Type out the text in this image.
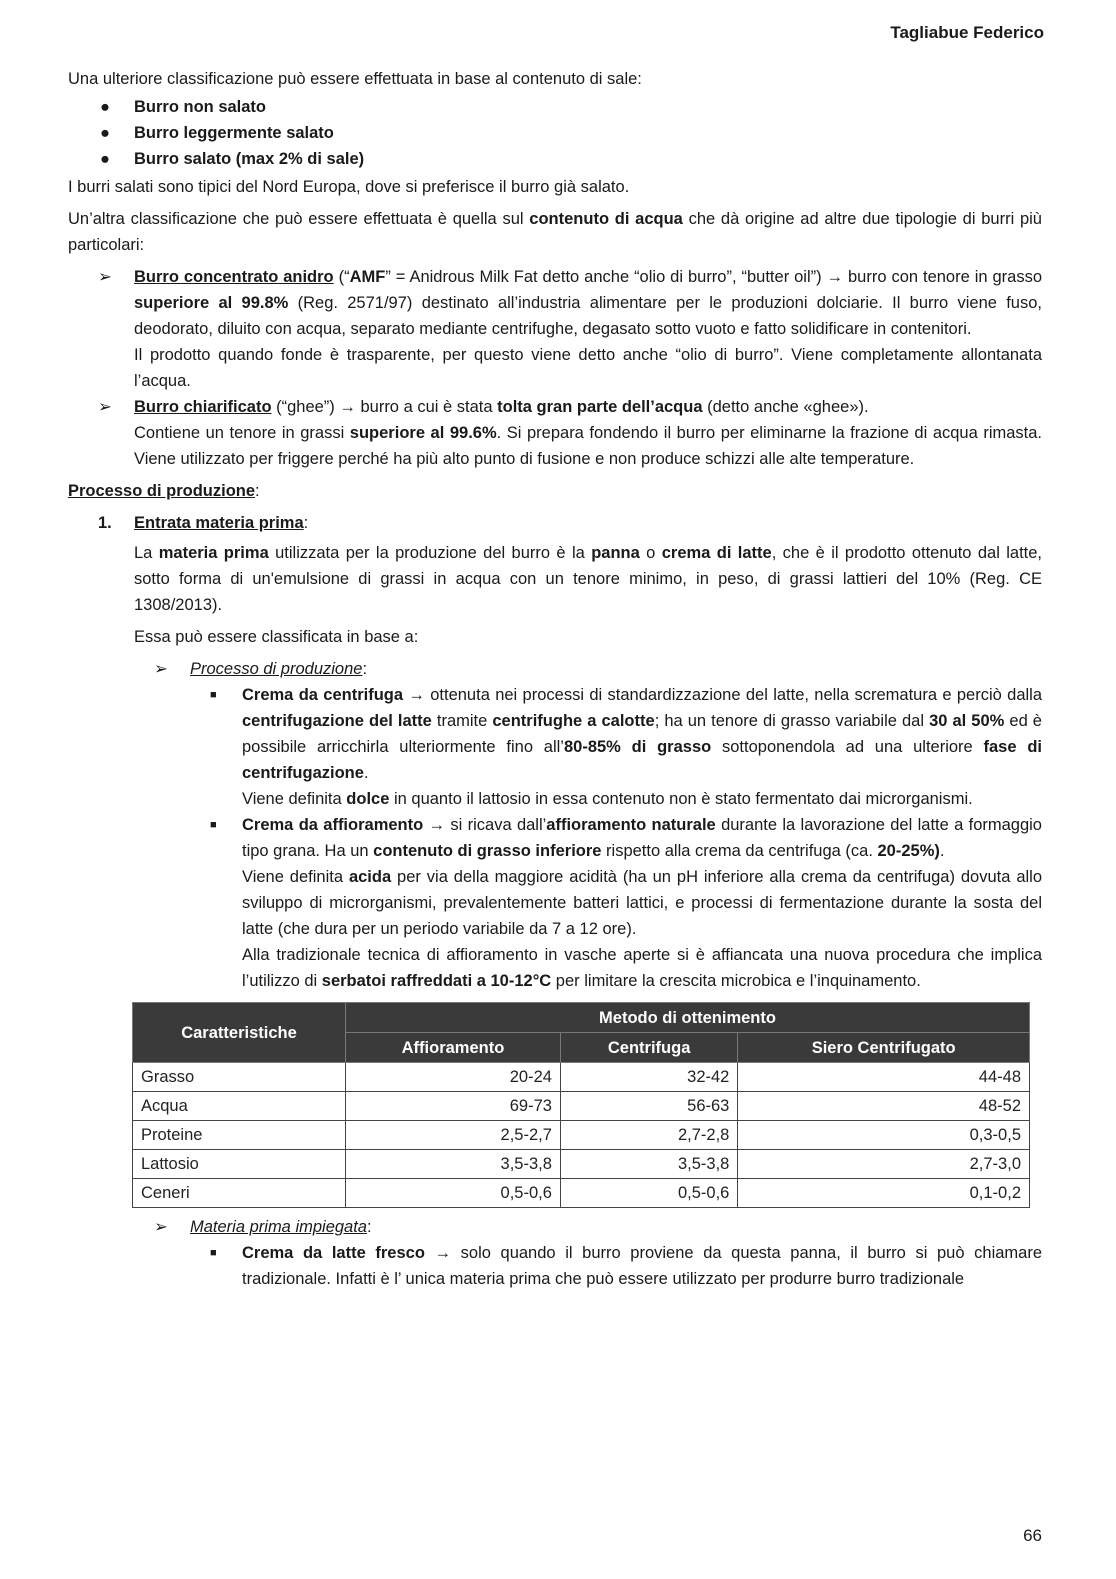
Tagliabue Federico

Una ulteriore classificazione può essere effettuata in base al contenuto di sale:

●	Burro non salato
●	Burro leggermente salato
●	Burro salato (max 2% di sale)

I burri salati sono tipici del Nord Europa, dove si preferisce il burro già salato.

Un’altra classificazione che può essere effettuata è quella sul contenuto di acqua che dà origine ad altre due tipologie di burri più particolari:

➢	Burro concentrato anidro (“AMF” = Anidrous Milk Fat detto anche “olio di burro”, “butter oil”) → burro con tenore in grasso superiore al 99.8% (Reg. 2571/97) destinato all’industria alimentare per le produzioni dolciarie. Il burro viene fuso, deodorato, diluito con acqua, separato mediante centrifughe, degasato sotto vuoto e fatto solidificare in contenitori.
Il prodotto quando fonde è trasparente, per questo viene detto anche “olio di burro”. Viene completamente allontanata l’acqua.
➢	Burro chiarificato (“ghee”) → burro a cui è stata tolta gran parte dell’acqua (detto anche «ghee»).
Contiene un tenore in grassi superiore al 99.6%. Si prepara fondendo il burro per eliminarne la frazione di acqua rimasta. Viene utilizzato per friggere perché ha più alto punto di fusione e non produce schizzi alle alte temperature.

Processo di produzione:

1.	Entrata materia prima:

La materia prima utilizzata per la produzione del burro è la panna o crema di latte, che è il prodotto ottenuto dal latte, sotto forma di un'emulsione di grassi in acqua con un tenore minimo, in peso, di grassi lattieri del 10% (Reg. CE 1308/2013).

Essa può essere classificata in base a:

➢	Processo di produzione:
■	Crema da centrifuga → ottenuta nei processi di standardizzazione del latte, nella scrematura e perciò dalla centrifugazione del latte tramite centrifughe a calotte; ha un tenore di grasso variabile dal 30 al 50% ed è possibile arricchirla ulteriormente fino all’80-85% di grasso sottoponendola ad una ulteriore fase di centrifugazione.
Viene definita dolce in quanto il lattosio in essa contenuto non è stato fermentato dai microrganismi.
■	Crema da affioramento → si ricava dall’affioramento naturale durante la lavorazione del latte a formaggio tipo grana. Ha un contenuto di grasso inferiore rispetto alla crema da centrifuga (ca. 20-25%).
Viene definita acida per via della maggiore acidità (ha un pH inferiore alla crema da centrifuga) dovuta allo sviluppo di microrganismi, prevalentemente batteri lattici, e processi di fermentazione durante la sosta del latte (che dura per un periodo variabile da 7 a 12 ore).
Alla tradizionale tecnica di affioramento in vasche aperte si è affiancata una nuova procedura che implica l’utilizzo di serbatoi raffreddati a 10-12°C per limitare la crescita microbica e l’inquinamento.
Caratteristiche	Metodo di ottenimento		
	Affioramento	Centrifuga	Siero Centrifugato
Grasso	20-24	32-42	44-48
Acqua	69-73	56-63	48-52
Proteine	2,5-2,7	2,7-2,8	0,3-0,5
Lattosio	3,5-3,8	3,5-3,8	2,7-3,0
Ceneri	0,5-0,6	0,5-0,6	0,1-0,2
➢	Materia prima impiegata:
■	Crema da latte fresco → solo quando il burro proviene da questa panna, il burro si può chiamare tradizionale. Infatti è l’ unica materia prima che può essere utilizzato per produrre burro tradizionale
66
